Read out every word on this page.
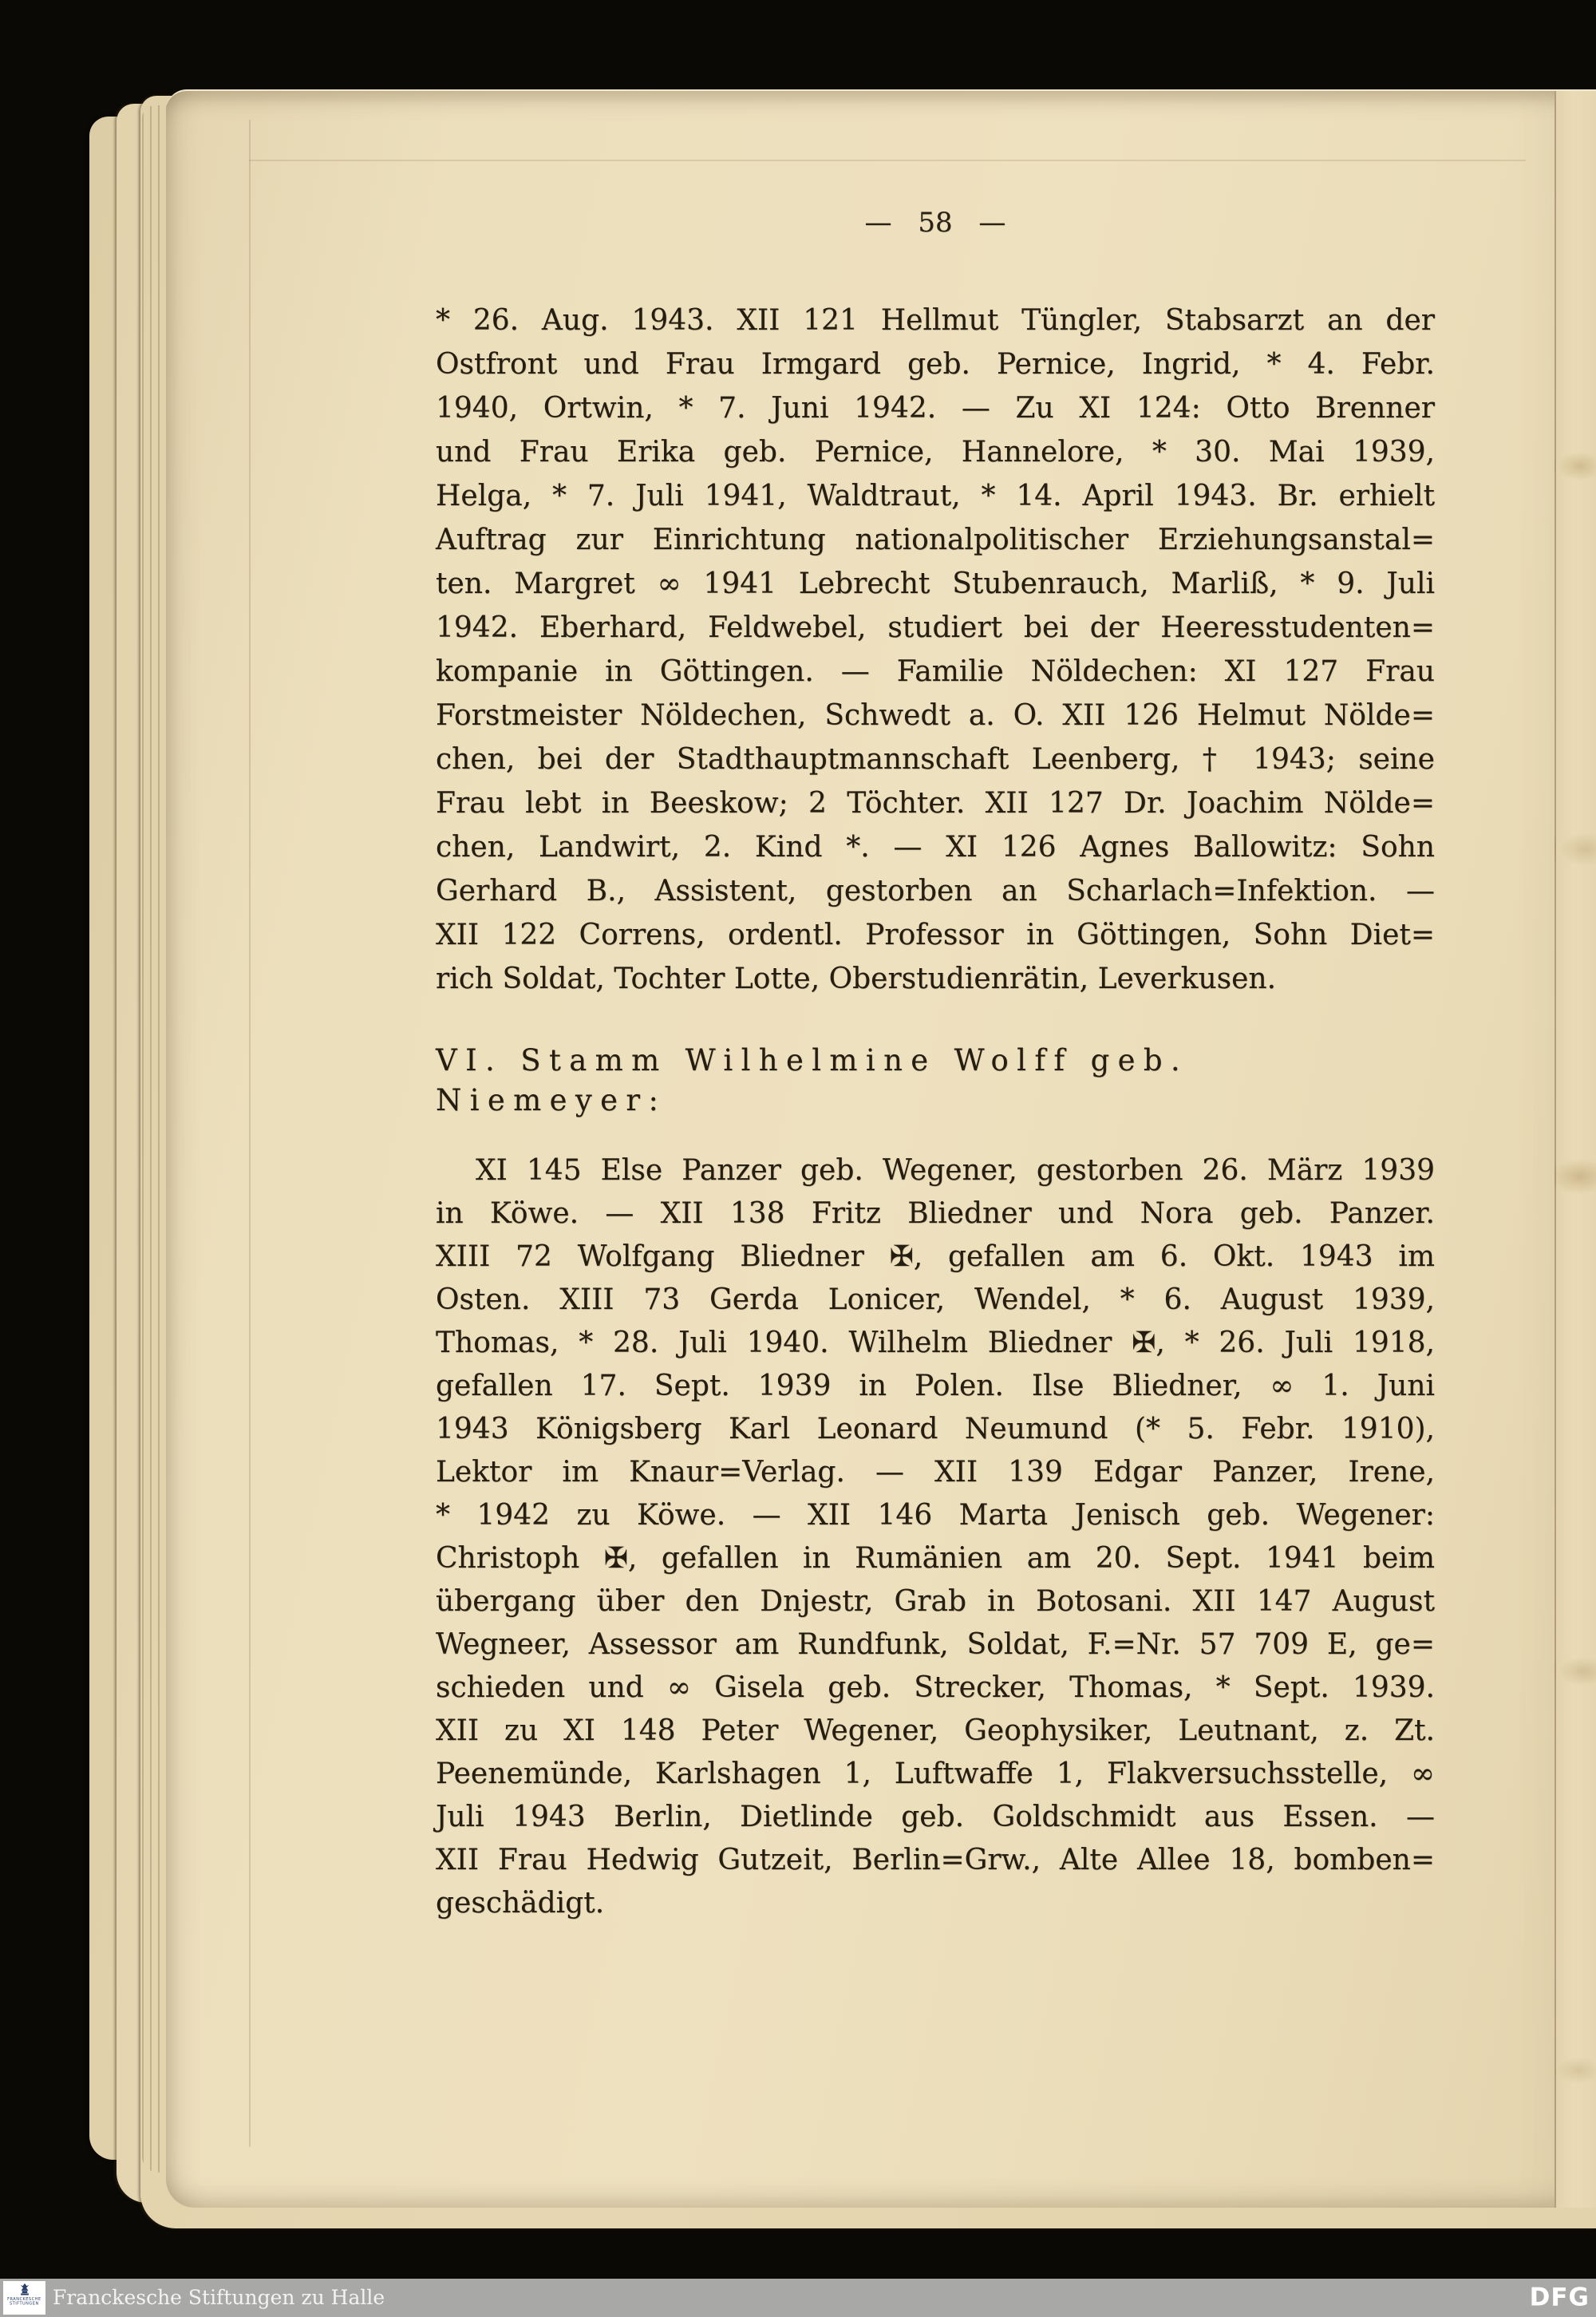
— 58 —
* 26. Aug. 1943. XII 121 Hellmut Tüngler, Stabsarzt an der
Ostfront und Frau Irmgard geb. Pernice, Ingrid, * 4. Febr.
1940, Ortwin, * 7. Juni 1942. — Zu XI 124: Otto Brenner
und Frau Erika geb. Pernice, Hannelore, * 30. Mai 1939,
Helga, * 7. Juli 1941, Waldtraut, * 14. April 1943. Br. erhielt
Auftrag zur Einrichtung nationalpolitischer Erziehungsanstal=
ten. Margret ∞ 1941 Lebrecht Stubenrauch, Marliß, * 9. Juli
1942. Eberhard, Feldwebel, studiert bei der Heeresstudenten=
kompanie in Göttingen. — Familie Nöldechen: XI 127 Frau
Forstmeister Nöldechen, Schwedt a. O. XII 126 Helmut Nölde=
chen, bei der Stadthauptmannschaft Leenberg, † 1943; seine
Frau lebt in Beeskow; 2 Töchter. XII 127 Dr. Joachim Nölde=
chen, Landwirt, 2. Kind *. — XI 126 Agnes Ballowitz: Sohn
Gerhard B., Assistent, gestorben an Scharlach=Infektion. —
XII 122 Correns, ordentl. Professor in Göttingen, Sohn Diet=
rich Soldat, Tochter Lotte, Oberstudienrätin, Leverkusen.
VI. Stamm Wilhelmine Wolff geb. Niemeyer:
XI 145 Else Panzer geb. Wegener, gestorben 26. März 1939
in Köwe. — XII 138 Fritz Bliedner und Nora geb. Panzer.
XIII 72 Wolfgang Bliedner ✠, gefallen am 6. Okt. 1943 im
Osten. XIII 73 Gerda Lonicer, Wendel, * 6. August 1939,
Thomas, * 28. Juli 1940. Wilhelm Bliedner ✠, * 26. Juli 1918,
gefallen 17. Sept. 1939 in Polen. Ilse Bliedner, ∞ 1. Juni
1943 Königsberg Karl Leonard Neumund (* 5. Febr. 1910),
Lektor im Knaur=Verlag. — XII 139 Edgar Panzer, Irene,
* 1942 zu Köwe. — XII 146 Marta Jenisch geb. Wegener:
Christoph ✠, gefallen in Rumänien am 20. Sept. 1941 beim
übergang über den Dnjestr, Grab in Botosani. XII 147 August
Wegneer, Assessor am Rundfunk, Soldat, F.=Nr. 57 709 E, ge=
schieden und ∞ Gisela geb. Strecker, Thomas, * Sept. 1939.
XII zu XI 148 Peter Wegener, Geophysiker, Leutnant, z. Zt.
Peenemünde, Karlshagen 1, Luftwaffe 1, Flakversuchsstelle, ∞
Juli 1943 Berlin, Dietlinde geb. Goldschmidt aus Essen. —
XII Frau Hedwig Gutzeit, Berlin=Grw., Alte Allee 18, bomben=
geschädigt.
FRANCKESCHE
STIFTUNGEN Franckesche Stiftungen zu Halle	DFG
